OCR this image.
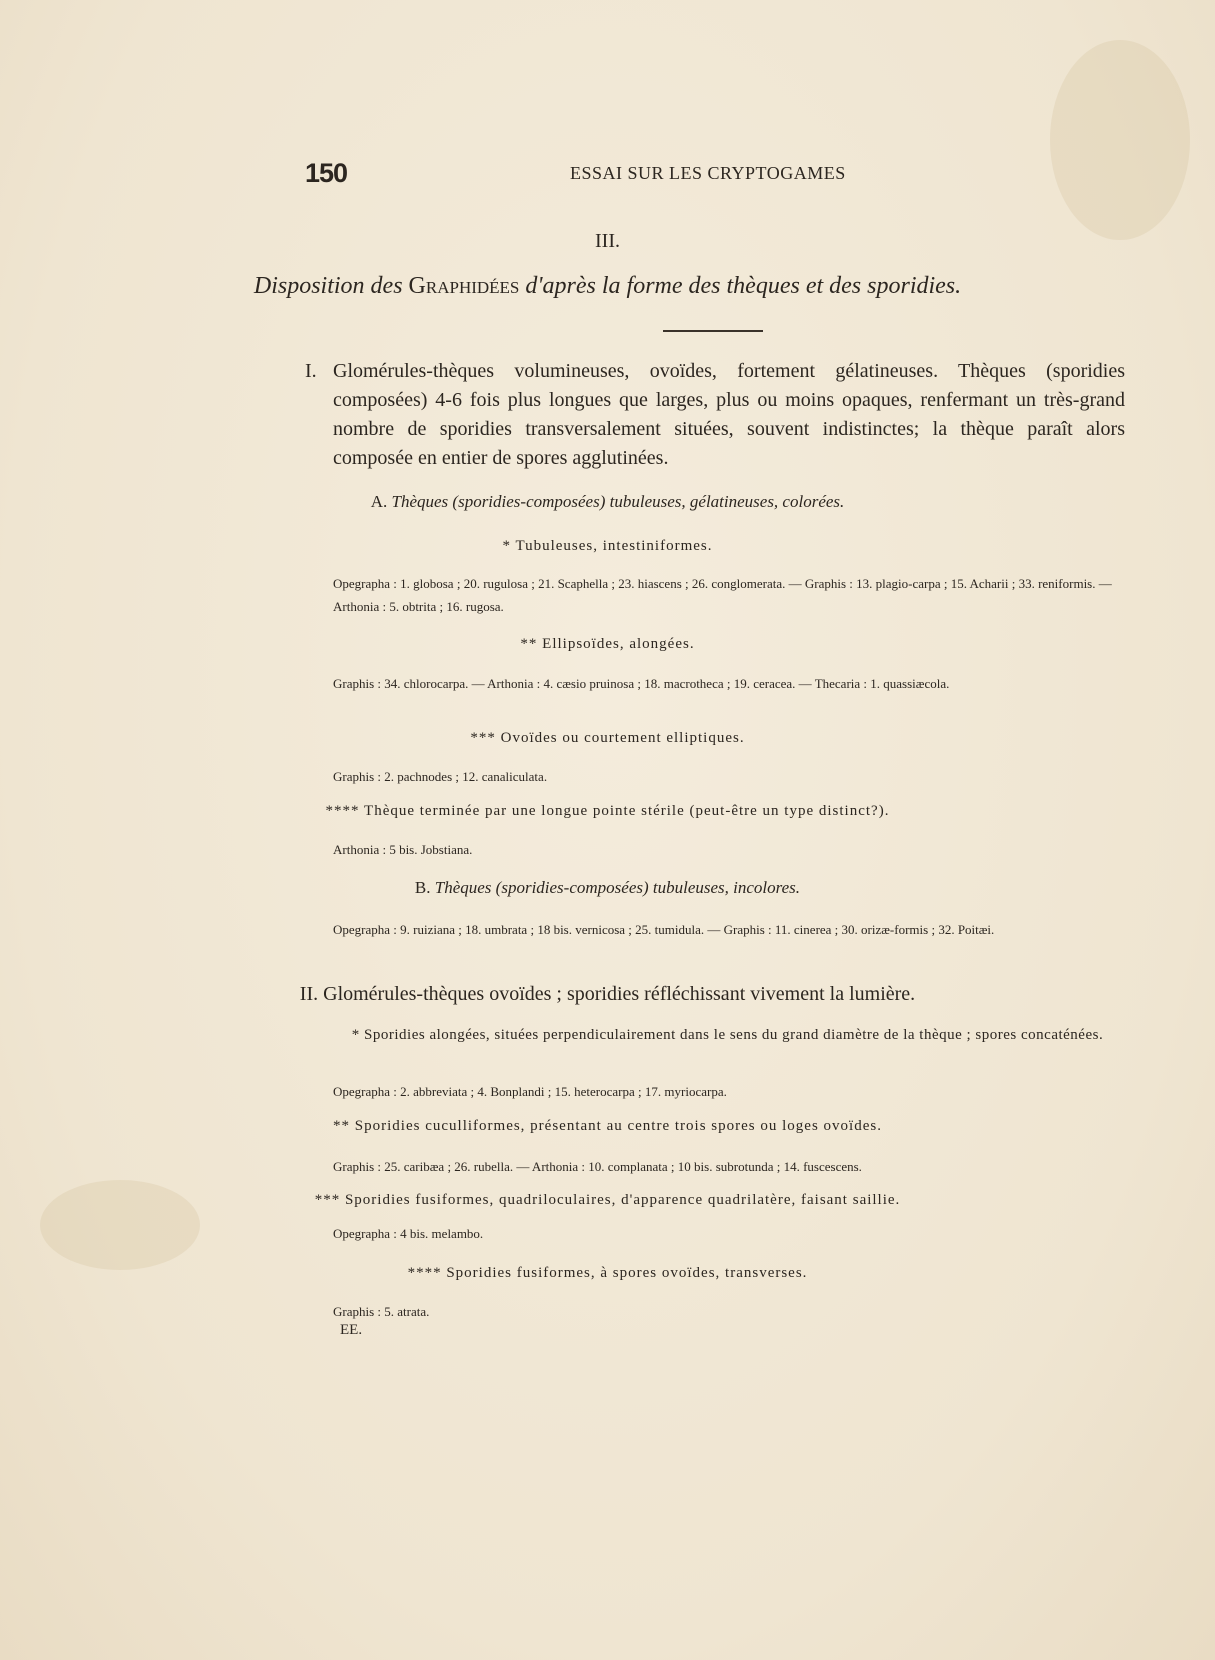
150	ESSAI SUR LES CRYPTOGAMES
III.
Disposition des Graphidées d'après la forme des thèques et des sporidies.
I. Glomérules-thèques volumineuses, ovoïdes, fortement gélatineuses. Thèques (sporidies composées) 4-6 fois plus longues que larges, plus ou moins opaques, renfermant un très-grand nombre de sporidies transversalement situées, souvent indistinctes; la thèque paraît alors composée en entier de spores agglutinées.
A. Thèques (sporidies-composées) tubuleuses, gélatineuses, colorées.
* Tubuleuses, intestiniformes.
Opegrapha : 1. globosa ; 20. rugulosa ; 21. Scaphella ; 23. hiascens ; 26. conglomerata. — Graphis : 13. plagio-carpa ; 15. Acharii ; 33. reniformis. — Arthonia : 5. obtrita ; 16. rugosa.
** Ellipsoïdes, alongées.
Graphis : 34. chlorocarpa. — Arthonia : 4. cæsio pruinosa ; 18. macrotheca ; 19. ceracea. — Thecaria : 1. quassiæcola.
*** Ovoïdes ou courtement elliptiques.
Graphis : 2. pachnodes ; 12. canaliculata.
**** Thèque terminée par une longue pointe stérile (peut-être un type distinct?).
Arthonia : 5 bis. Jobstiana.
B. Thèques (sporidies-composées) tubuleuses, incolores.
Opegrapha : 9. ruiziana ; 18. umbrata ; 18 bis. vernicosa ; 25. tumidula. — Graphis : 11. cinerea ; 30. orizæ-formis ; 32. Poitæi.
II. Glomérules-thèques ovoïdes ; sporidies réfléchissant vivement la lumière.
* Sporidies alongées, situées perpendiculairement dans le sens du grand diamètre de la thèque ; spores concaténées.
Opegrapha : 2. abbreviata ; 4. Bonplandi ; 15. heterocarpa ; 17. myriocarpa.
** Sporidies cuculliformes, présentant au centre trois spores ou loges ovoïdes.
Graphis : 25. caribæa ; 26. rubella. — Arthonia : 10. complanata ; 10 bis. subrotunda ; 14. fuscescens.
*** Sporidies fusiformes, quadriloculaires, d'apparence quadrilatère, faisant saillie.
Opegrapha : 4 bis. melambo.
**** Sporidies fusiformes, à spores ovoïdes, transverses.
Graphis : 5. atrata.
EE.
